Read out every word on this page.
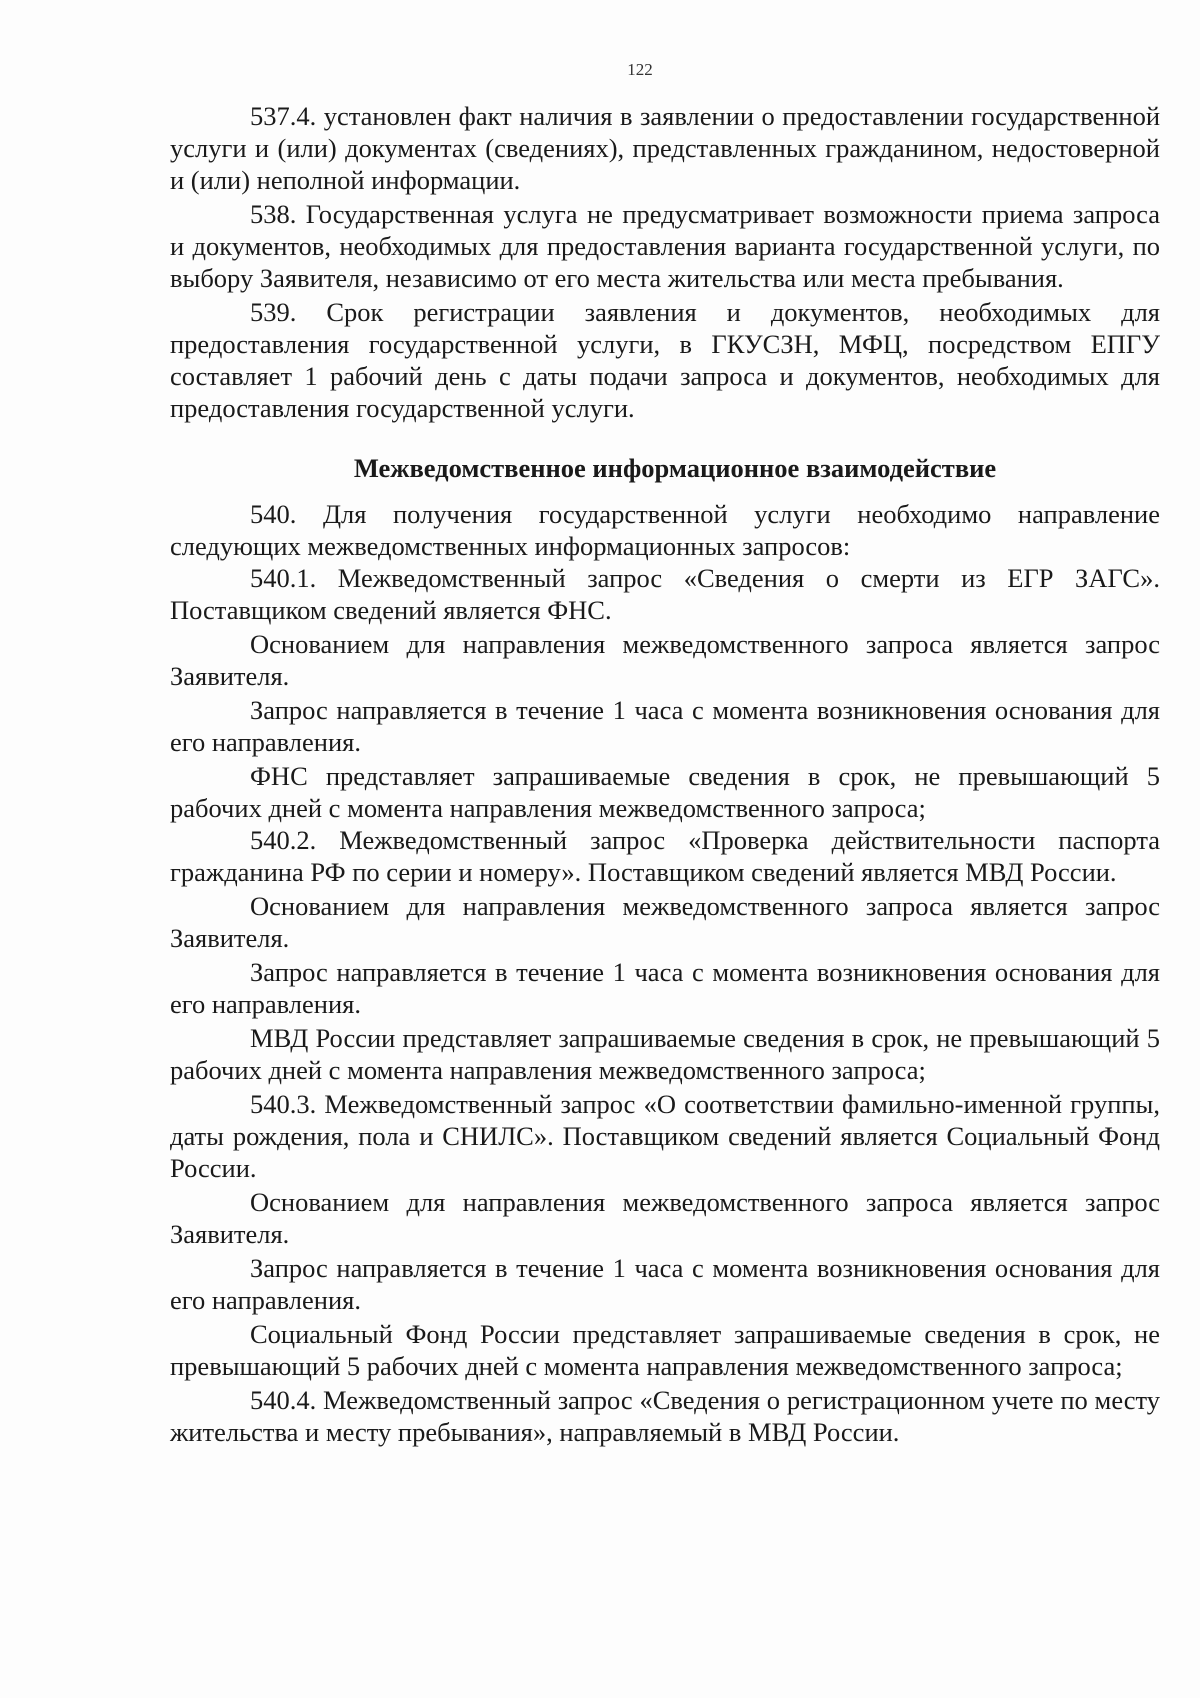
122

537.4. установлен факт наличия в заявлении о предоставлении государственной услуги и (или) документах (сведениях), представленных гражданином, недостоверной и (или) неполной информации.

538. Государственная услуга не предусматривает возможности приема запроса и документов, необходимых для предоставления варианта государственной услуги, по выбору Заявителя, независимо от его места жительства или места пребывания.

539. Срок регистрации заявления и документов, необходимых для предоставления государственной услуги, в ГКУСЗН, МФЦ, посредством ЕПГУ составляет 1 рабочий день с даты подачи запроса и документов, необходимых для предоставления государственной услуги.

Межведомственное информационное взаимодействие

540. Для получения государственной услуги необходимо направление следующих межведомственных информационных запросов:

540.1. Межведомственный запрос «Сведения о смерти из ЕГР ЗАГС». Поставщиком сведений является ФНС.

Основанием для направления межведомственного запроса является запрос Заявителя.

Запрос направляется в течение 1 часа с момента возникновения основания для его направления.

ФНС представляет запрашиваемые сведения в срок, не превышающий 5 рабочих дней с момента направления межведомственного запроса;

540.2. Межведомственный запрос «Проверка действительности паспорта гражданина РФ по серии и номеру». Поставщиком сведений является МВД России.

Основанием для направления межведомственного запроса является запрос Заявителя.

Запрос направляется в течение 1 часа с момента возникновения основания для его направления.

МВД России представляет запрашиваемые сведения в срок, не превышающий 5 рабочих дней с момента направления межведомственного запроса;

540.3. Межведомственный запрос «О соответствии фамильно-именной группы, даты рождения, пола и СНИЛС». Поставщиком сведений является Социальный Фонд России.

Основанием для направления межведомственного запроса является запрос Заявителя.

Запрос направляется в течение 1 часа с момента возникновения основания для его направления.

Социальный Фонд России представляет запрашиваемые сведения в срок, не превышающий 5 рабочих дней с момента направления межведомственного запроса;

540.4. Межведомственный запрос «Сведения о регистрационном учете по месту жительства и месту пребывания», направляемый в МВД России.
